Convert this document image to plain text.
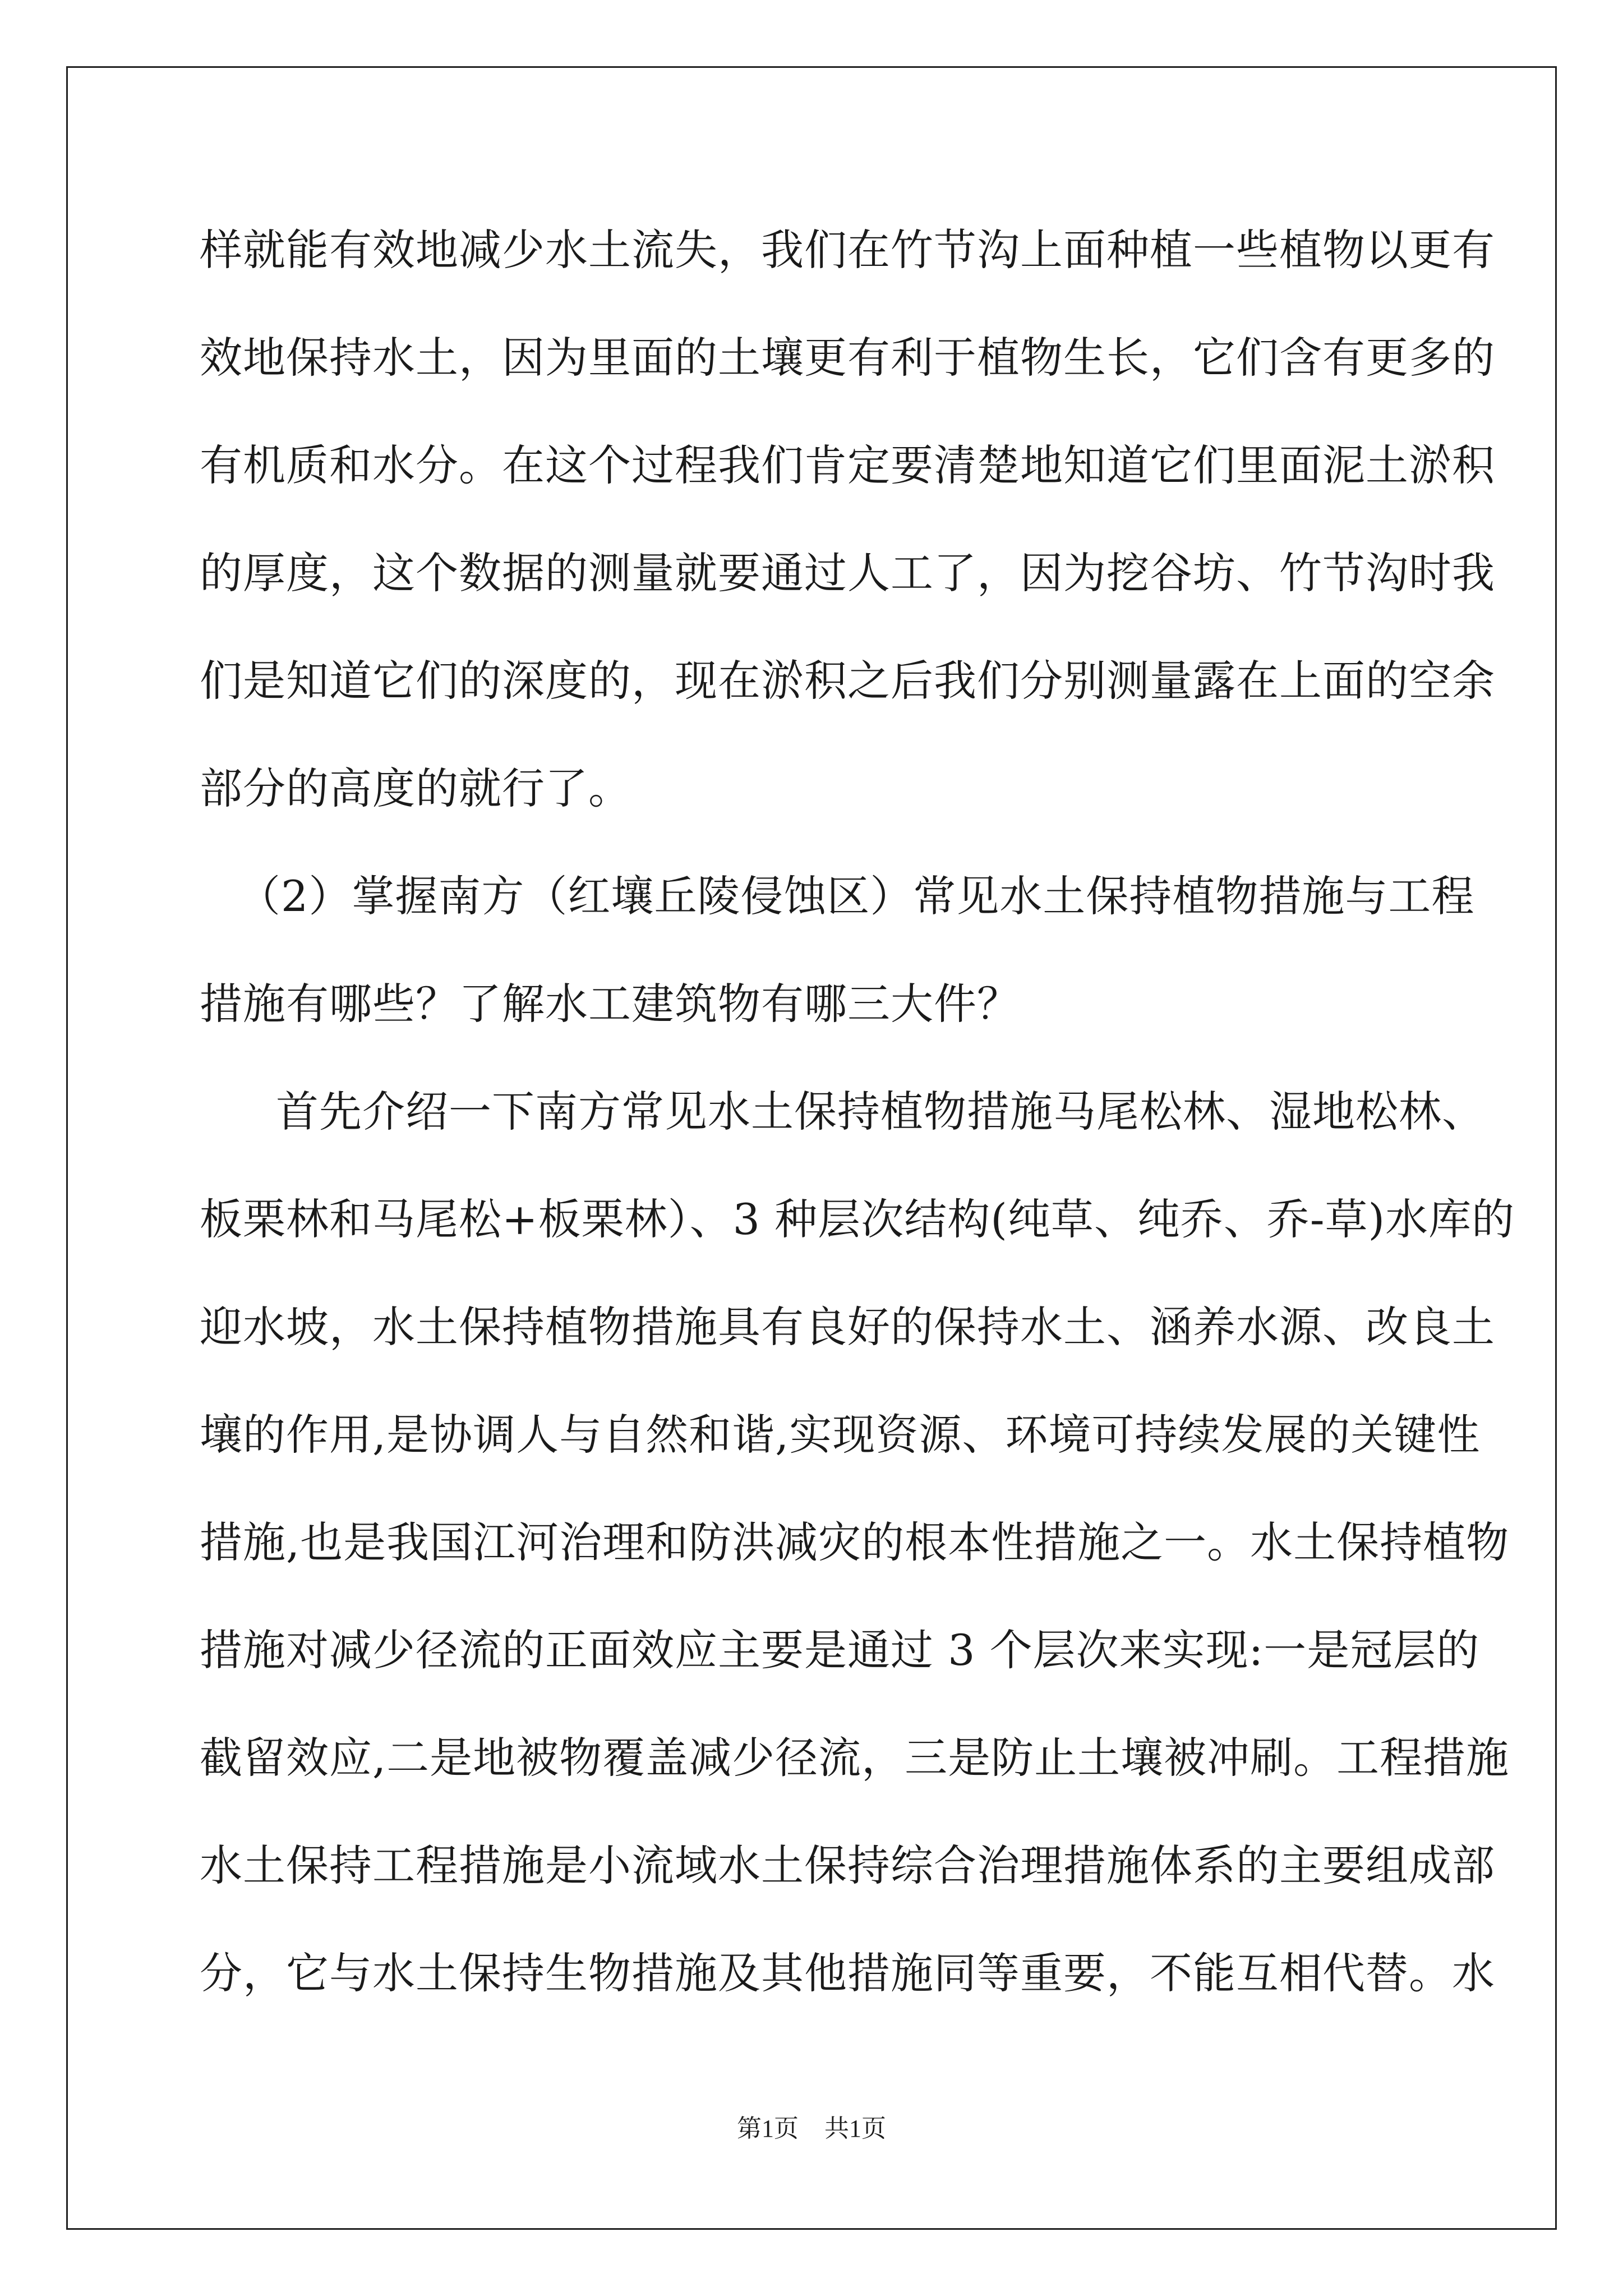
样就能有效地减少水土流失，我们在竹节沟上面种植一些植物以更有
效地保持水土，因为里面的土壤更有利于植物生长，它们含有更多的
有机质和水分。在这个过程我们肯定要清楚地知道它们里面泥土淤积
的厚度，这个数据的测量就要通过人工了，因为挖谷坊、竹节沟时我
们是知道它们的深度的，现在淤积之后我们分别测量露在上面的空余
部分的高度的就行了。
（2）掌握南方（红壤丘陵侵蚀区）常见水土保持植物措施与工程
措施有哪些？了解水工建筑物有哪三大件？
首先介绍一下南方常见水土保持植物措施马尾松林、湿地松林、
板栗林和马尾松+板栗林）、3 种层次结构(纯草、纯乔、乔-草)水库的
迎水坡，水土保持植物措施具有良好的保持水土、涵养水源、改良土
壤的作用,是协调人与自然和谐,实现资源、环境可持续发展的关键性
措施,也是我国江河治理和防洪减灾的根本性措施之一。水土保持植物
措施对减少径流的正面效应主要是通过 3 个层次来实现:一是冠层的
截留效应,二是地被物覆盖减少径流，三是防止土壤被冲刷。工程措施
水土保持工程措施是小流域水土保持综合治理措施体系的主要组成部
分，它与水土保持生物措施及其他措施同等重要，不能互相代替。水
第1页 共1页
